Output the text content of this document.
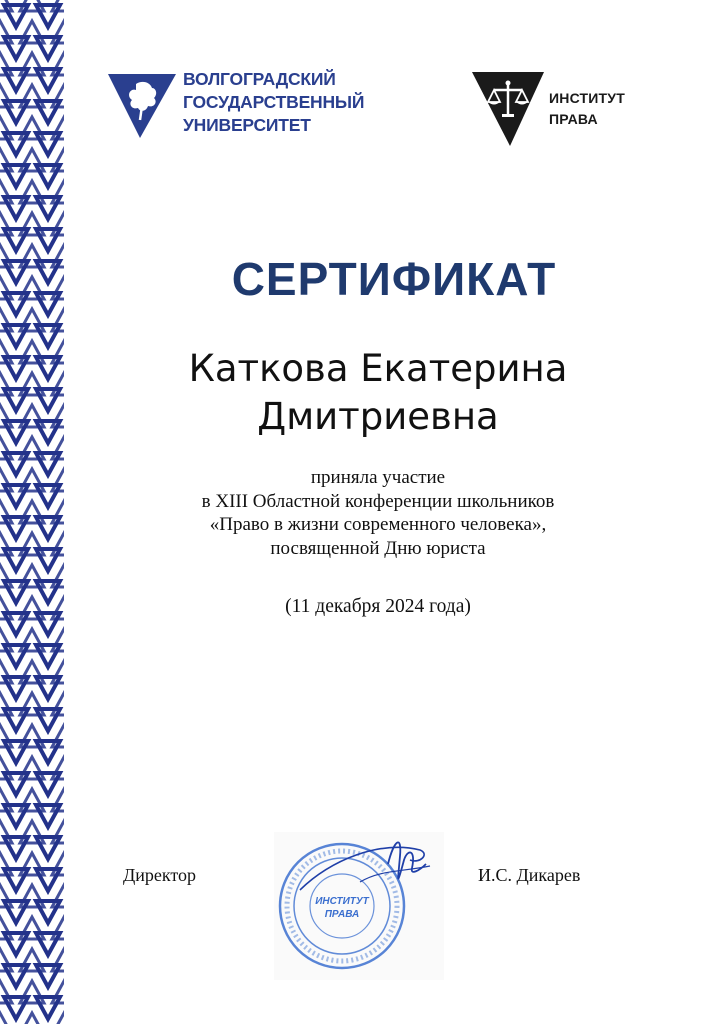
ВОЛГОГРАДСКИЙ
ГОСУДАРСТВЕННЫЙ
УНИВЕРСИТЕТ
ИНСТИТУТ
ПРАВА
СЕРТИФИКАТ
Каткова Екатерина
Дмитриевна
приняла участие
в XIII Областной конференции школьников
«Право в жизни современного человека»,
посвященной Дню юриста
(11 декабря 2024 года)
Директор	И.С. Дикарев
ИНСТИТУТ
ПРАВА
